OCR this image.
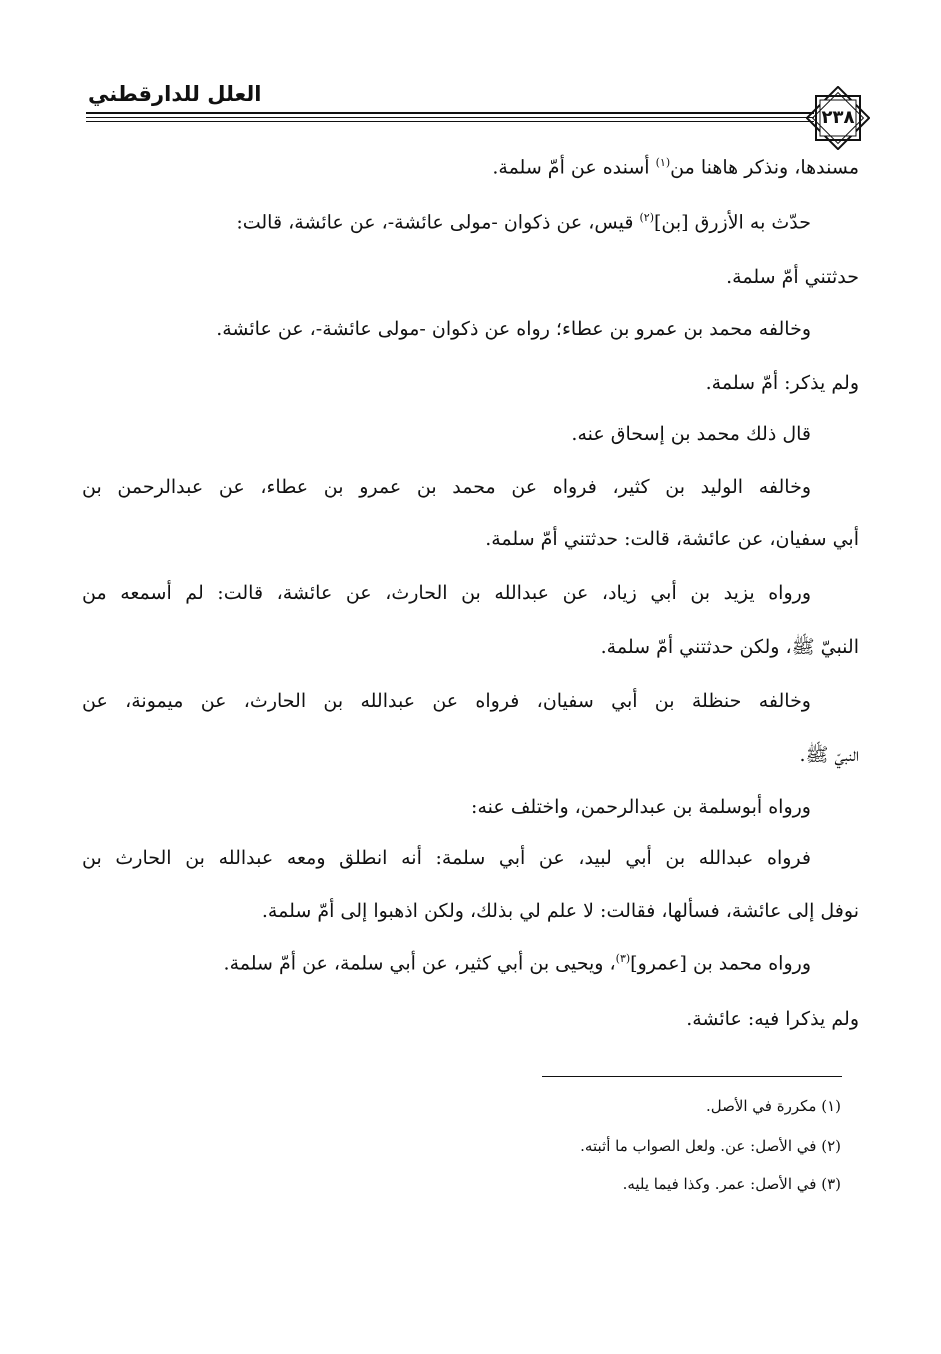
العلل للدارقطني
٢٣٨
مسندها، ونذكر هاهنا من$^{(١)}$ أسنده عن أمّ سلمة.
حدّث به الأزرق [بن]$^{(٢)}$ قيس، عن ذكوان -مولى عائشة-، عن عائشة، قالت:
حدثتني أمّ سلمة.
وخالفه محمد بن عمرو بن عطاء؛ رواه عن ذكوان -مولى عائشة-، عن عائشة.
ولم يذكر: أمّ سلمة.
قال ذلك محمد بن إسحاق عنه.
وخالفه الوليد بن كثير، فرواه عن محمد بن عمرو بن عطاء، عن عبدالرحمن بن
أبي سفيان، عن عائشة، قالت: حدثتني أمّ سلمة.
ورواه يزيد بن أبي زياد، عن عبدالله بن الحارث، عن عائشة، قالت: لم أسمعه من
النبيّ ﷺ، ولكن حدثتني أمّ سلمة.
وخالفه حنظلة بن أبي سفيان، فرواه عن عبدالله بن الحارث، عن ميمونة، عن
النبيّ ﷺ.
ورواه أبوسلمة بن عبدالرحمن، واختلف عنه:
فرواه عبدالله بن أبي لبيد، عن أبي سلمة: أنه انطلق ومعه عبدالله بن الحارث بن
نوفل إلى عائشة، فسألها، فقالت: لا علم لي بذلك، ولكن اذهبوا إلى أمّ سلمة.
ورواه محمد بن [عمرو]$^{(٣)}$، ويحيى بن أبي كثير، عن أبي سلمة، عن أمّ سلمة.
ولم يذكرا فيه: عائشة.
(١) مكررة في الأصل.
(٢) في الأصل: عن. ولعل الصواب ما أثبته.
(٣) في الأصل: عمر. وكذا فيما يليه.
